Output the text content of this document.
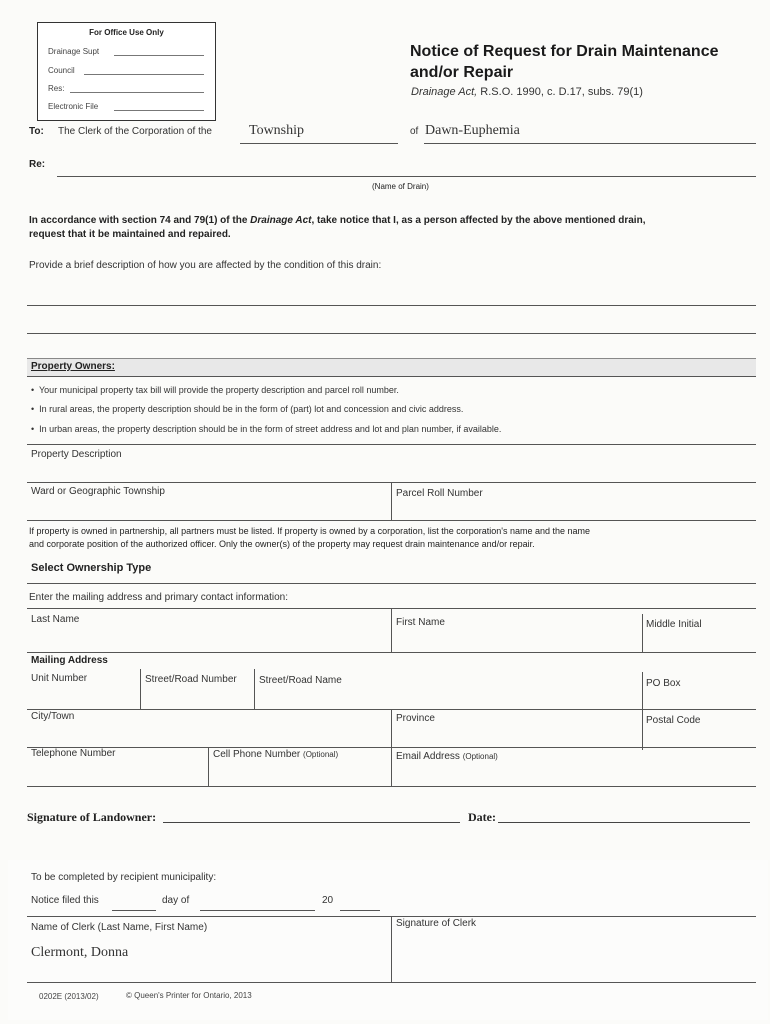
For Office Use Only
Drainage Supt
Council
Res:
Electronic File
Notice of Request for Drain Maintenance
and/or Repair
Drainage Act, R.S.O. 1990, c. D.17, subs. 79(1)
To: The Clerk of the Corporation of the	Township	of Dawn-Euphemia
Re:
(Name of Drain)
In accordance with section 74 and 79(1) of the Drainage Act, take notice that I, as a person affected by the above mentioned drain,
request that it be maintained and repaired.
Provide a brief description of how you are affected by the condition of this drain:
Property Owners:
•  Your municipal property tax bill will provide the property description and parcel roll number.
•  In rural areas, the property description should be in the form of (part) lot and concession and civic address.
•  In urban areas, the property description should be in the form of street address and lot and plan number, if available.
Property Description
Ward or Geographic Township	Parcel Roll Number
If property is owned in partnership, all partners must be listed. If property is owned by a corporation, list the corporation's name and the name
and corporate position of the authorized officer. Only the owner(s) of the property may request drain maintenance and/or repair.
Select Ownership Type
Enter the mailing address and primary contact information:
Last Name	First Name	Middle Initial
Mailing Address
Unit Number	Street/Road Number Street/Road Name	PO Box
City/Town	Province	Postal Code
Telephone Number	Cell Phone Number (Optional)	Email Address (Optional)
Signature of Landowner:	Date:
To be completed by recipient municipality:
Notice filed this	day of	20
Name of Clerk (Last Name, First Name)
Clermont, Donna
Signature of Clerk
0202E (2013/02)	© Queen's Printer for Ontario, 2013
